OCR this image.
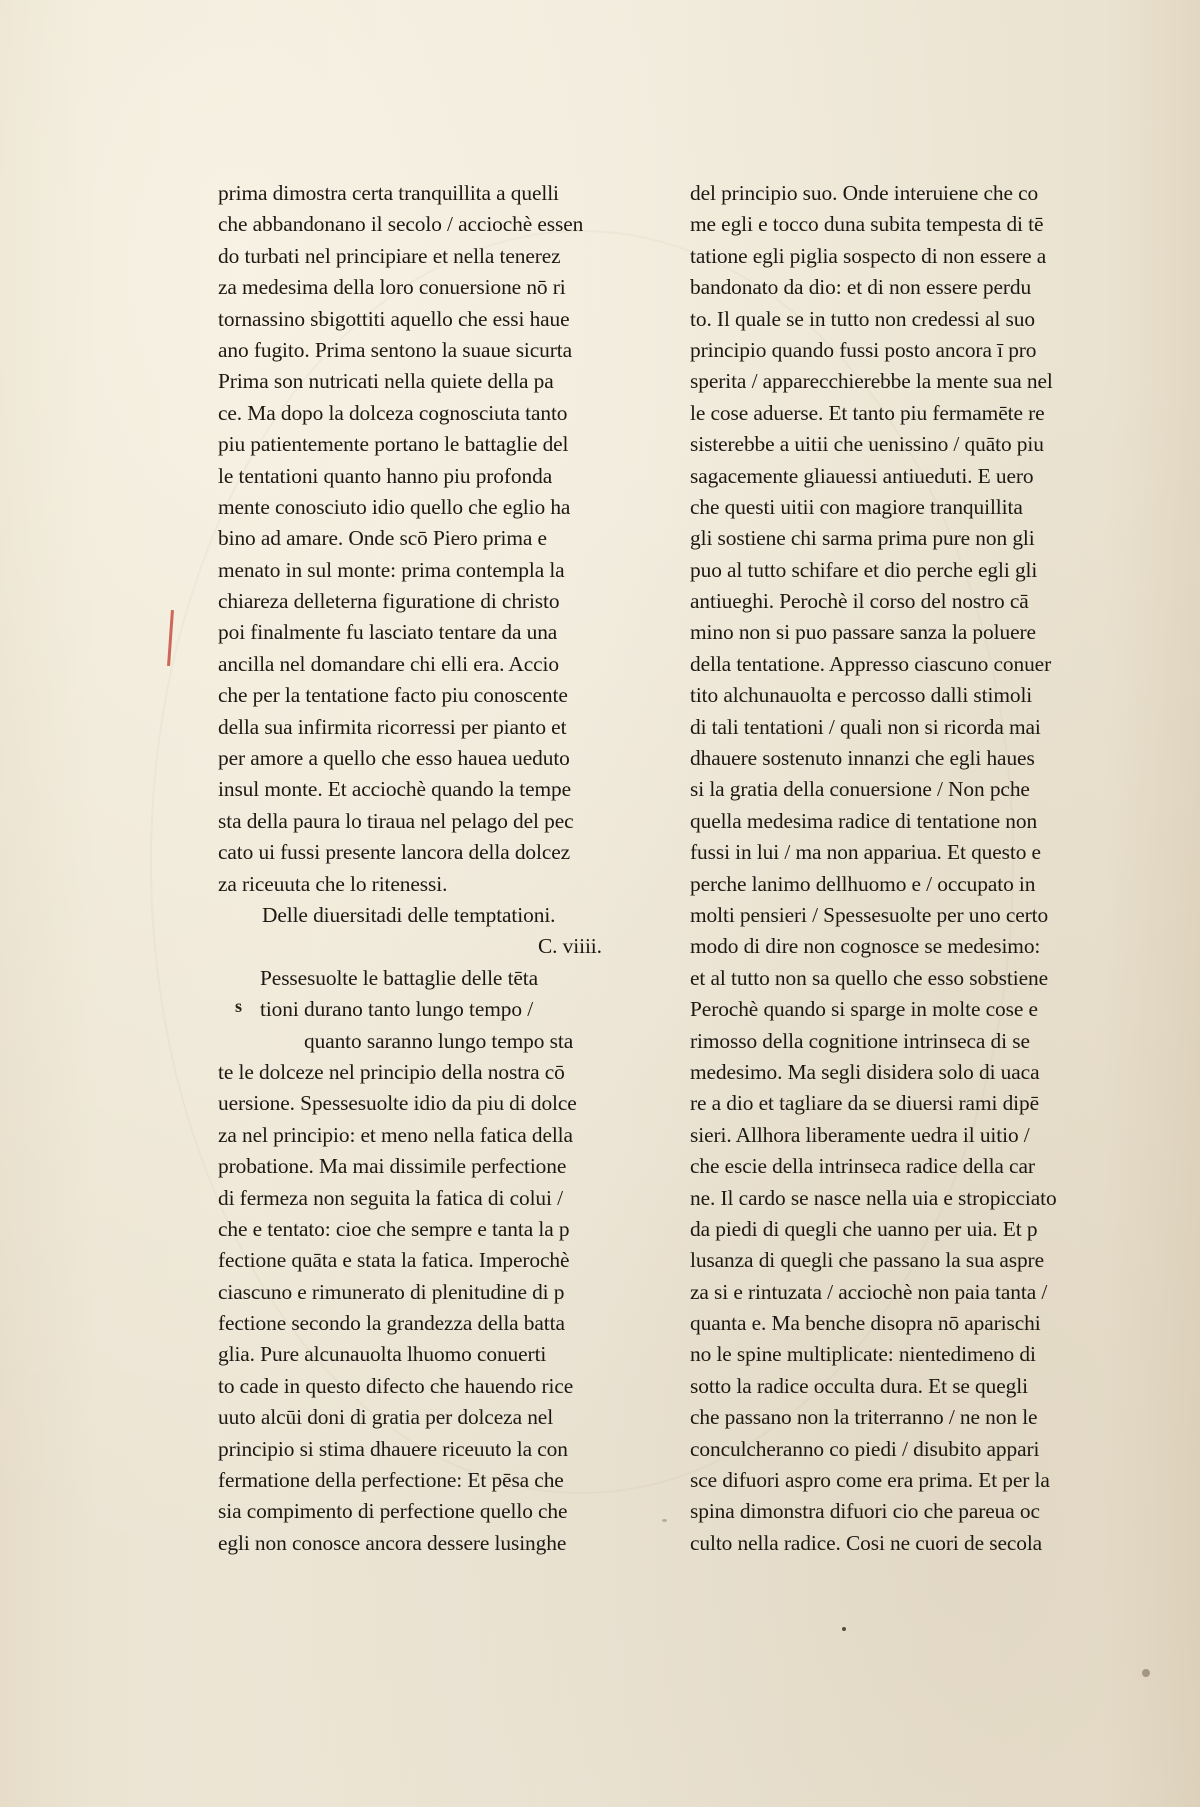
s
prima dimostra certa tranquillita a quelli
che abbandonano il secolo / acciochè essen
do turbati nel principiare et nella tenerez
za medesima della loro conuersione nō ri
tornassino sbigottiti aquello che essi haue
ano fugito. Prima sentono la suaue sicurta
Prima son nutricati nella quiete della pa
ce. Ma dopo la dolceza cognosciuta tanto
piu patientemente portano le battaglie del
le tentationi quanto hanno piu profonda
mente conosciuto idio quello che eglio ha
bino ad amare. Onde scō Piero prima e
menato in sul monte: prima contempla la
chiareza delleterna figuratione di christo
poi finalmente fu lasciato tentare da una
ancilla nel domandare chi elli era. Accio
che per la tentatione facto piu conoscente
della sua infirmita ricorressi per pianto et
per amore a quello che esso hauea ueduto
insul monte. Et acciochè quando la tempe
sta della paura lo tiraua nel pelago del pec
cato ui fussi presente lancora della dolcez
za riceuuta che lo ritenessi.
Delle diuersitadi delle temptationi.
C. viiii.
Pessesuolte le battaglie delle tēta
tioni durano tanto lungo tempo /
quanto saranno lungo tempo sta
te le dolceze nel principio della nostra cō
uersione. Spessesuolte idio da piu di dolce
za nel principio: et meno nella fatica della
probatione. Ma mai dissimile perfectione
di fermeza non seguita la fatica di colui /
che e tentato: cioe che sempre e tanta la p
fectione quāta e stata la fatica. Imperochè
ciascuno e rimunerato di plenitudine di p
fectione secondo la grandezza della batta
glia. Pure alcunauolta lhuomo conuerti
to cade in questo difecto che hauendo rice
uuto alcūi doni di gratia per dolceza nel
principio si stima dhauere riceuuto la con
fermatione della perfectione: Et pēsa che
sia compimento di perfectione quello che
egli non conosce ancora dessere lusinghe
del principio suo. Onde interuiene che co
me egli e tocco duna subita tempesta di tē
tatione egli piglia sospecto di non essere a
bandonato da dio: et di non essere perdu
to. Il quale se in tutto non credessi al suo
principio quando fussi posto ancora ī pro
sperita / apparecchierebbe la mente sua nel
le cose aduerse. Et tanto piu fermamēte re
sisterebbe a uitii che uenissino / quāto piu
sagacemente gliauessi antiueduti. E uero
che questi uitii con magiore tranquillita
gli sostiene chi sarma prima pure non gli
puo al tutto schifare et dio perche egli gli
antiueghi. Perochè il corso del nostro cā
mino non si puo passare sanza la poluere
della tentatione. Appresso ciascuno conuer
tito alchunauolta e percosso dalli stimoli
di tali tentationi / quali non si ricorda mai
dhauere sostenuto innanzi che egli haues
si la gratia della conuersione / Non pche
quella medesima radice di tentatione non
fussi in lui / ma non appariua. Et questo e
perche lanimo dellhuomo e / occupato in
molti pensieri / Spessesuolte per uno certo
modo di dire non cognosce se medesimo:
et al tutto non sa quello che esso sobstiene
Perochè quando si sparge in molte cose e
rimosso della cognitione intrinseca di se
medesimo. Ma segli disidera solo di uaca
re a dio et tagliare da se diuersi rami dipē
sieri. Allhora liberamente uedra il uitio /
che escie della intrinseca radice della car
ne. Il cardo se nasce nella uia e stropicciato
da piedi di quegli che uanno per uia. Et p
lusanza di quegli che passano la sua aspre
za si e rintuzata / acciochè non paia tanta /
quanta e. Ma benche disopra nō aparischi
no le spine multiplicate: nientedimeno di
sotto la radice occulta dura. Et se quegli
che passano non la triterranno / ne non le
conculcheranno co piedi / disubito appari
sce difuori aspro come era prima. Et per la
spina dimonstra difuori cio che pareua oc
culto nella radice. Cosi ne cuori de secola
